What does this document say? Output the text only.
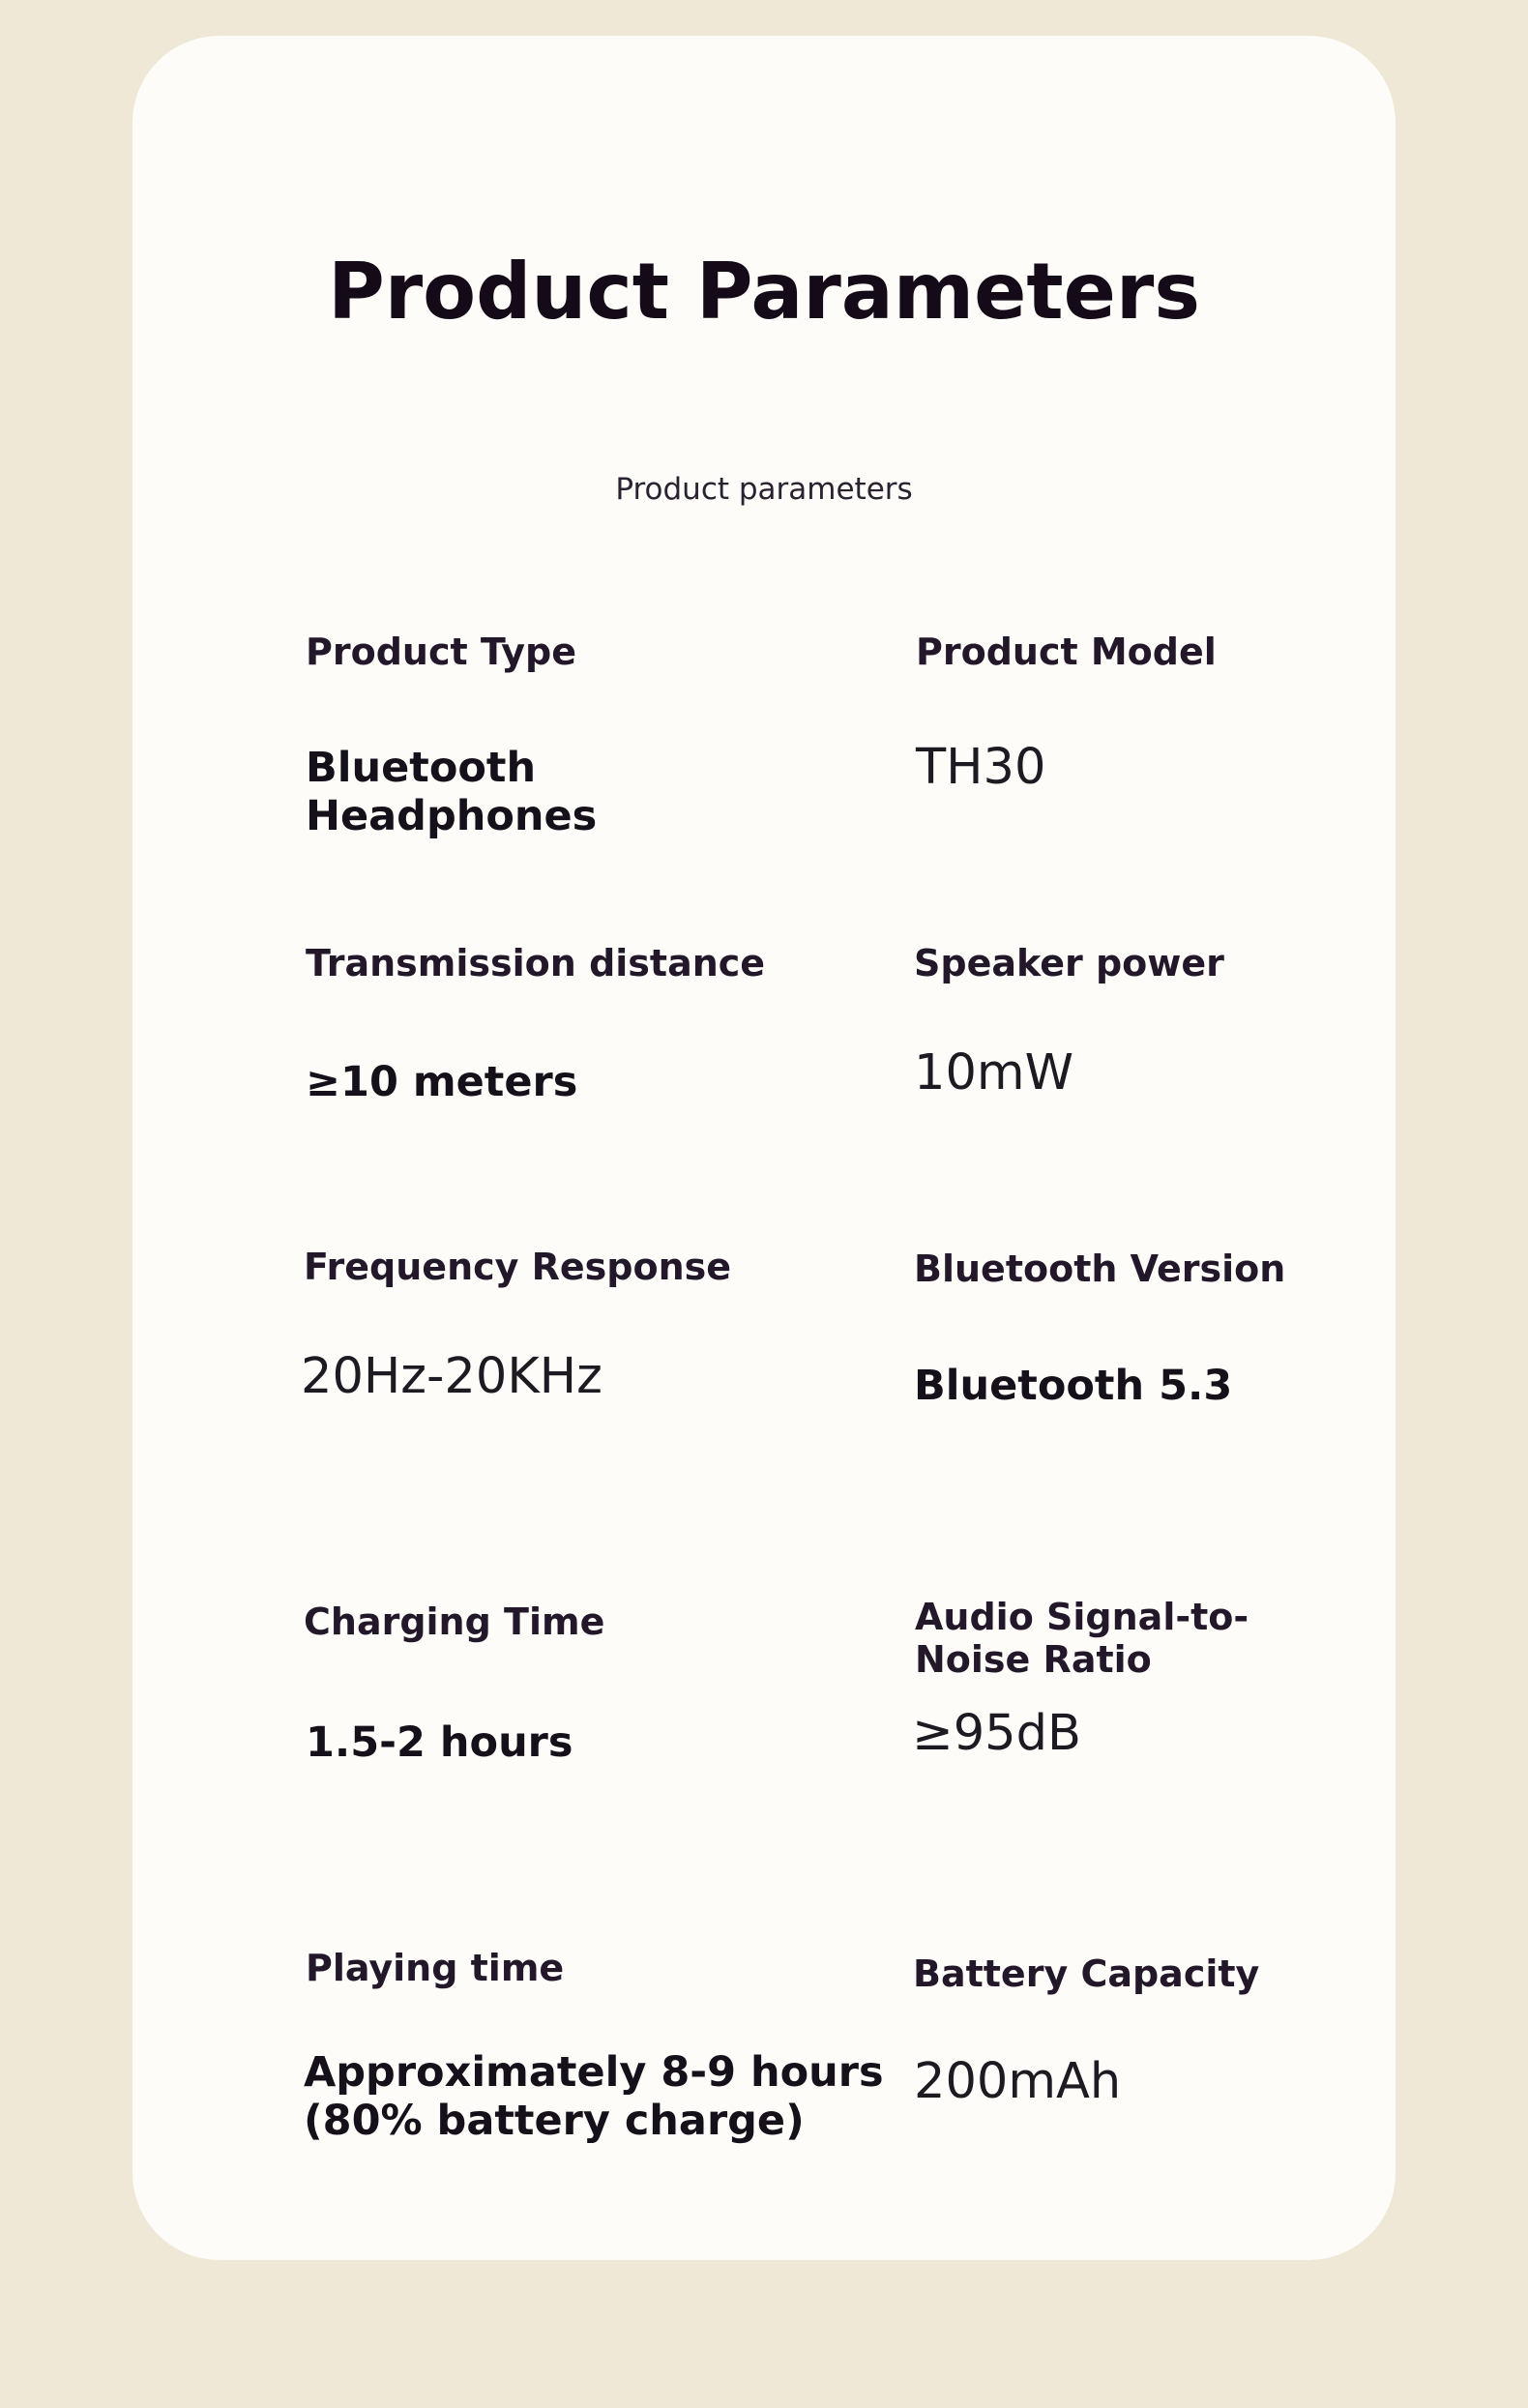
Product Parameters

Product parameters

Product Type
Bluetooth Headphones
Product Model
TH30
Transmission distance
≥10 meters
Speaker power
10mW
Frequency Response
20Hz-20KHz
Bluetooth Version
Bluetooth 5.3
Charging Time
1.5-2 hours
Audio Signal-to-Noise Ratio
≥95dB
Playing time
Approximately 8-9 hours (80% battery charge)
Battery Capacity
200mAh
